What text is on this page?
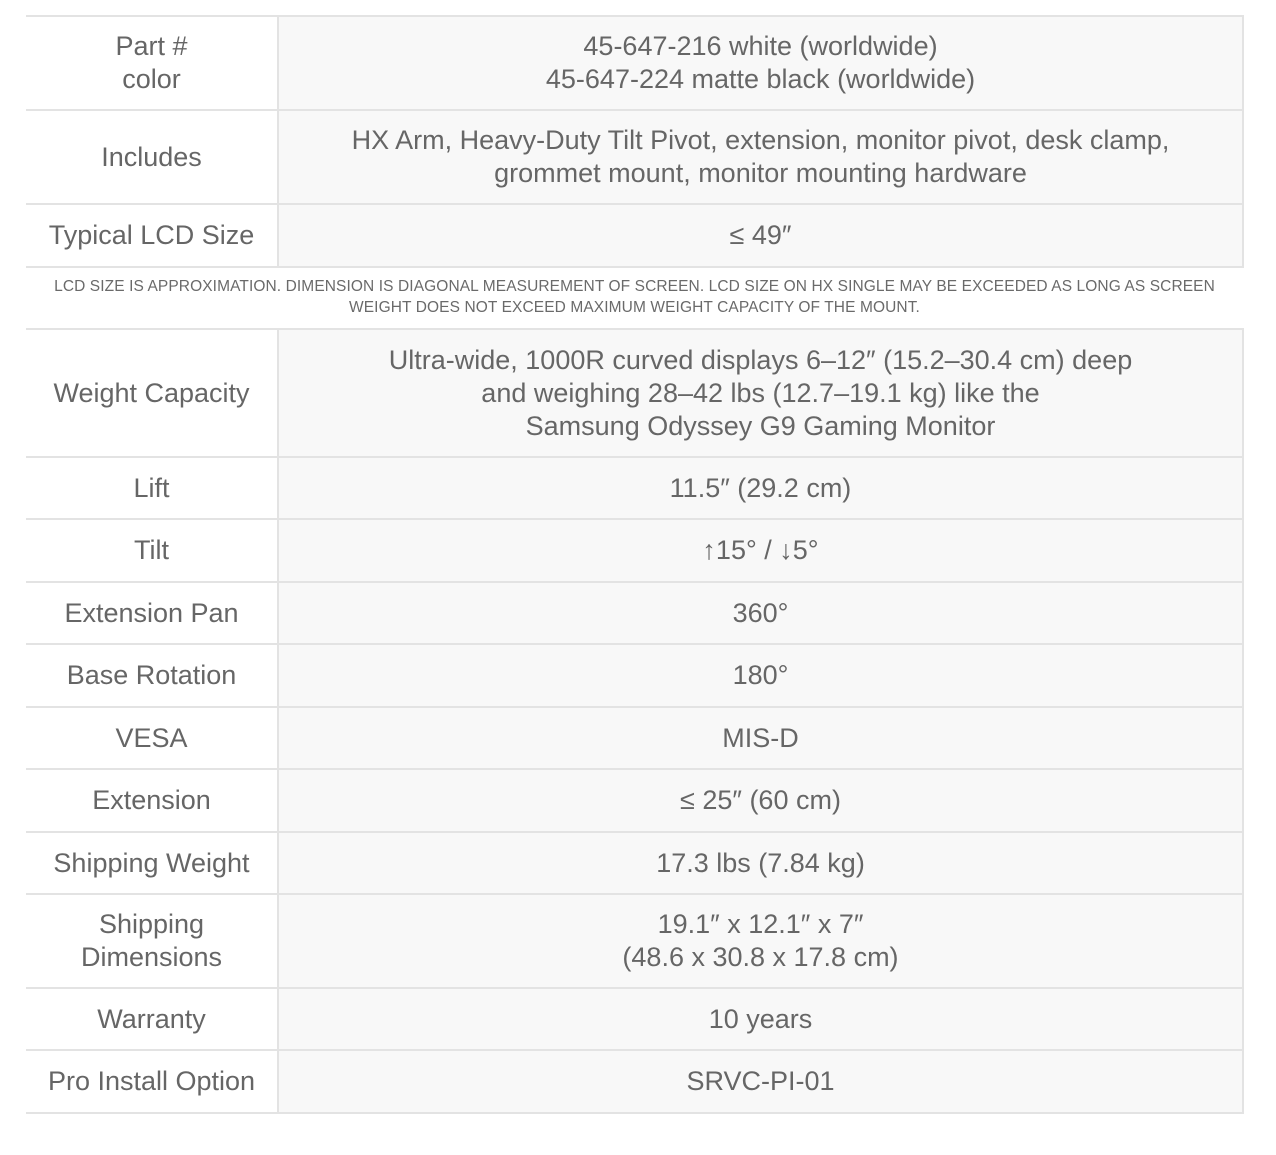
Part #
color	45-647-216 white (worldwide)
45-647-224 matte black (worldwide)

Includes	HX Arm, Heavy-Duty Tilt Pivot, extension, monitor pivot, desk clamp,
grommet mount, monitor mounting hardware

Typical LCD Size	≤ 49″
LCD SIZE IS APPROXIMATION. DIMENSION IS DIAGONAL MEASUREMENT OF SCREEN. LCD SIZE ON HX SINGLE MAY BE EXCEEDED AS LONG AS SCREEN
WEIGHT DOES NOT EXCEED MAXIMUM WEIGHT CAPACITY OF THE MOUNT.
Weight Capacity	Ultra-wide, 1000R curved displays 6–12″ (15.2–30.4 cm) deep
and weighing 28–42 lbs (12.7–19.1 kg) like the
Samsung Odyssey G9 Gaming Monitor

Lift	11.5″ (29.2 cm)

Tilt	↑15° / ↓5°

Extension Pan	360°

Base Rotation	180°

VESA	MIS-D

Extension	≤ 25″ (60 cm)

Shipping Weight	17.3 lbs (7.84 kg)

Shipping
Dimensions	19.1″ x 12.1″ x 7″
(48.6 x 30.8 x 17.8 cm)

Warranty	10 years

Pro Install Option	SRVC-PI-01
